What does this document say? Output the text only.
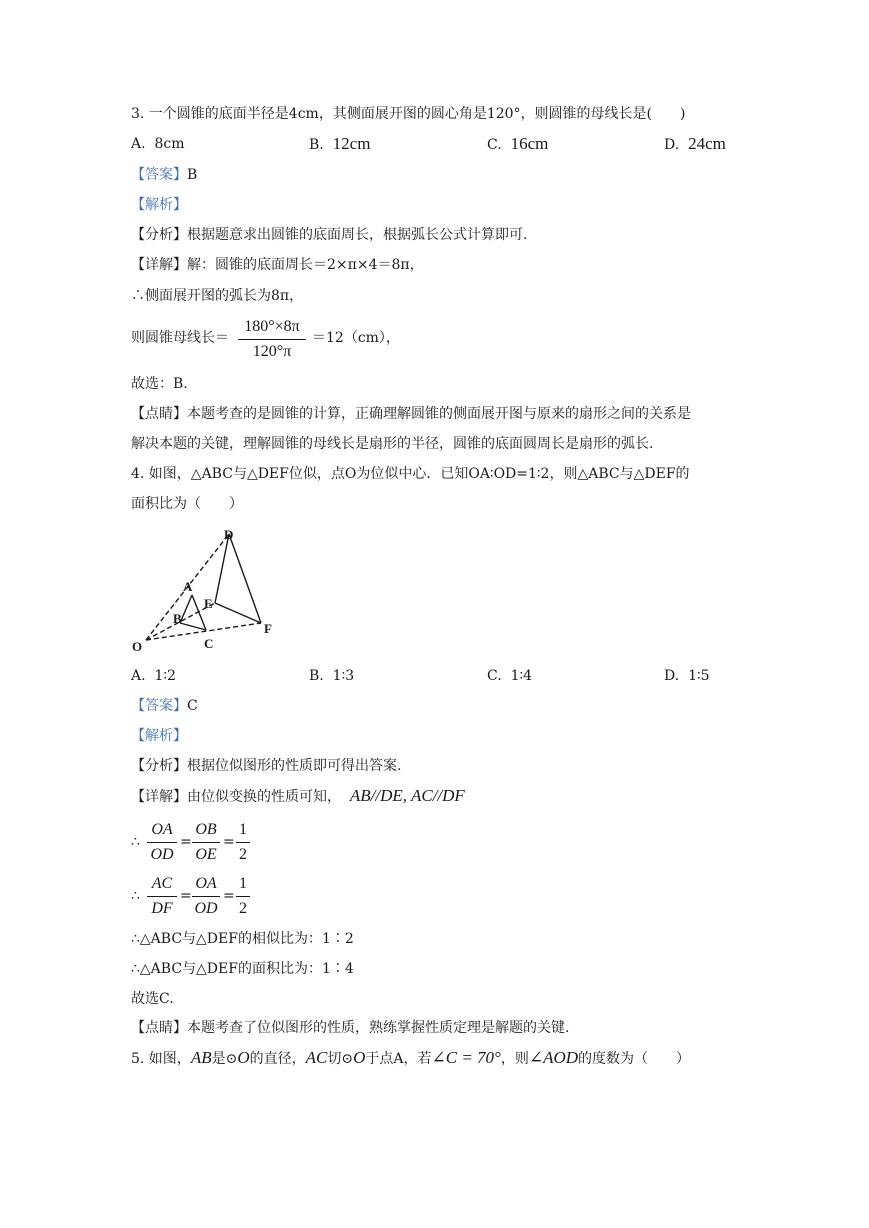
3. 一个圆锥的底面半径是4cm，其侧面展开图的圆心角是120°，则圆锥的母线长是(　　)
A. 8cm	B. 12cm	C. 16cm	D. 24cm
【答案】B
【解析】
【分析】根据题意求出圆锥的底面周长，根据弧长公式计算即可.
【详解】解：圆锥的底面周长＝2×π×4＝8π，
∴侧面展开图的弧长为8π，
则圆锥母线长＝
180°×8π
120°π
＝12（cm），
故选：B.
【点睛】本题考查的是圆锥的计算，正确理解圆锥的侧面展开图与原来的扇形之间的关系是
解决本题的关键，理解圆锥的母线长是扇形的半径，圆锥的底面圆周长是扇形的弧长.
4. 如图，△ABC与△DEF位似，点O为位似中心．已知OA∶OD=1∶2，则△ABC与△DEF的
面积比为（　　）
O
A
B
C
D
E
F
A. 1∶2	B. 1∶3	C. 1∶4	D. 1∶5
【答案】C
【解析】
【分析】根据位似图形的性质即可得出答案.
【详解】由位似变换的性质可知， AB//DE, AC//DF
∴
OA
OD
=
OB
OE
=
1
2
∴
AC
DF
=
OA
OD
=
1
2
∴△ABC与△DEF的相似比为：1∶2
∴△ABC与△DEF的面积比为：1∶4
故选C.
【点睛】本题考查了位似图形的性质，熟练掌握性质定理是解题的关键.
5. 如图，AB是⊙O的直径，AC切⊙O于点A，若∠C = 70°，则∠AOD的度数为（　　）
